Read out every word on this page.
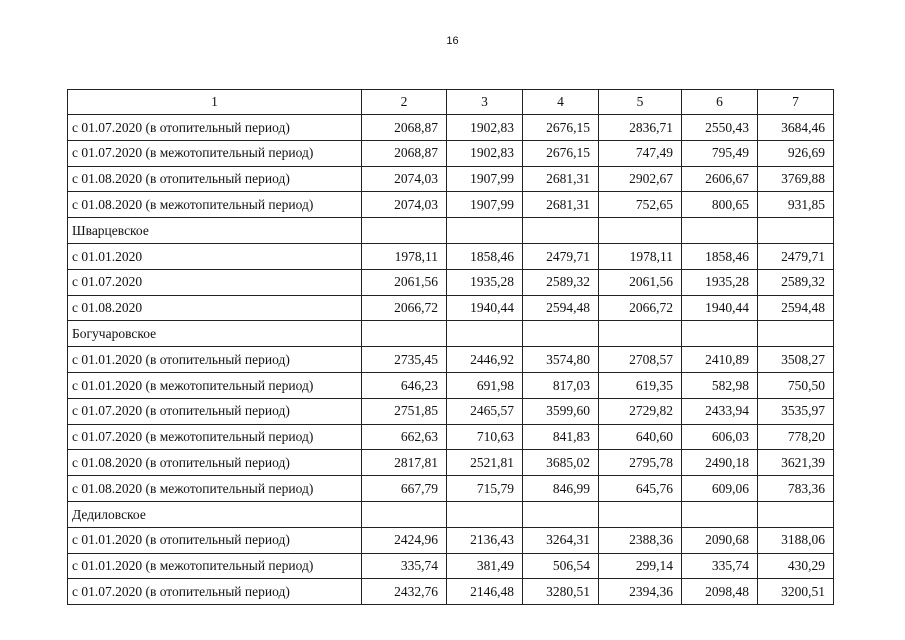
16
1	2	3	4	5	6	7
с 01.07.2020 (в отопительный период)	2068,87	1902,83	2676,15	2836,71	2550,43	3684,46
с 01.07.2020 (в межотопительный период)	2068,87	1902,83	2676,15	747,49	795,49	926,69
с 01.08.2020 (в отопительный период)	2074,03	1907,99	2681,31	2902,67	2606,67	3769,88
с 01.08.2020 (в межотопительный период)	2074,03	1907,99	2681,31	752,65	800,65	931,85
Шварцевское						
с 01.01.2020	1978,11	1858,46	2479,71	1978,11	1858,46	2479,71
с 01.07.2020	2061,56	1935,28	2589,32	2061,56	1935,28	2589,32
с 01.08.2020	2066,72	1940,44	2594,48	2066,72	1940,44	2594,48
Богучаровское						
с 01.01.2020 (в отопительный период)	2735,45	2446,92	3574,80	2708,57	2410,89	3508,27
с 01.01.2020 (в межотопительный период)	646,23	691,98	817,03	619,35	582,98	750,50
с 01.07.2020 (в отопительный период)	2751,85	2465,57	3599,60	2729,82	2433,94	3535,97
с 01.07.2020 (в межотопительный период)	662,63	710,63	841,83	640,60	606,03	778,20
с 01.08.2020 (в отопительный период)	2817,81	2521,81	3685,02	2795,78	2490,18	3621,39
с 01.08.2020 (в межотопительный период)	667,79	715,79	846,99	645,76	609,06	783,36
Дедиловское						
с 01.01.2020 (в отопительный период)	2424,96	2136,43	3264,31	2388,36	2090,68	3188,06
с 01.01.2020 (в межотопительный период)	335,74	381,49	506,54	299,14	335,74	430,29
с 01.07.2020 (в отопительный период)	2432,76	2146,48	3280,51	2394,36	2098,48	3200,51
